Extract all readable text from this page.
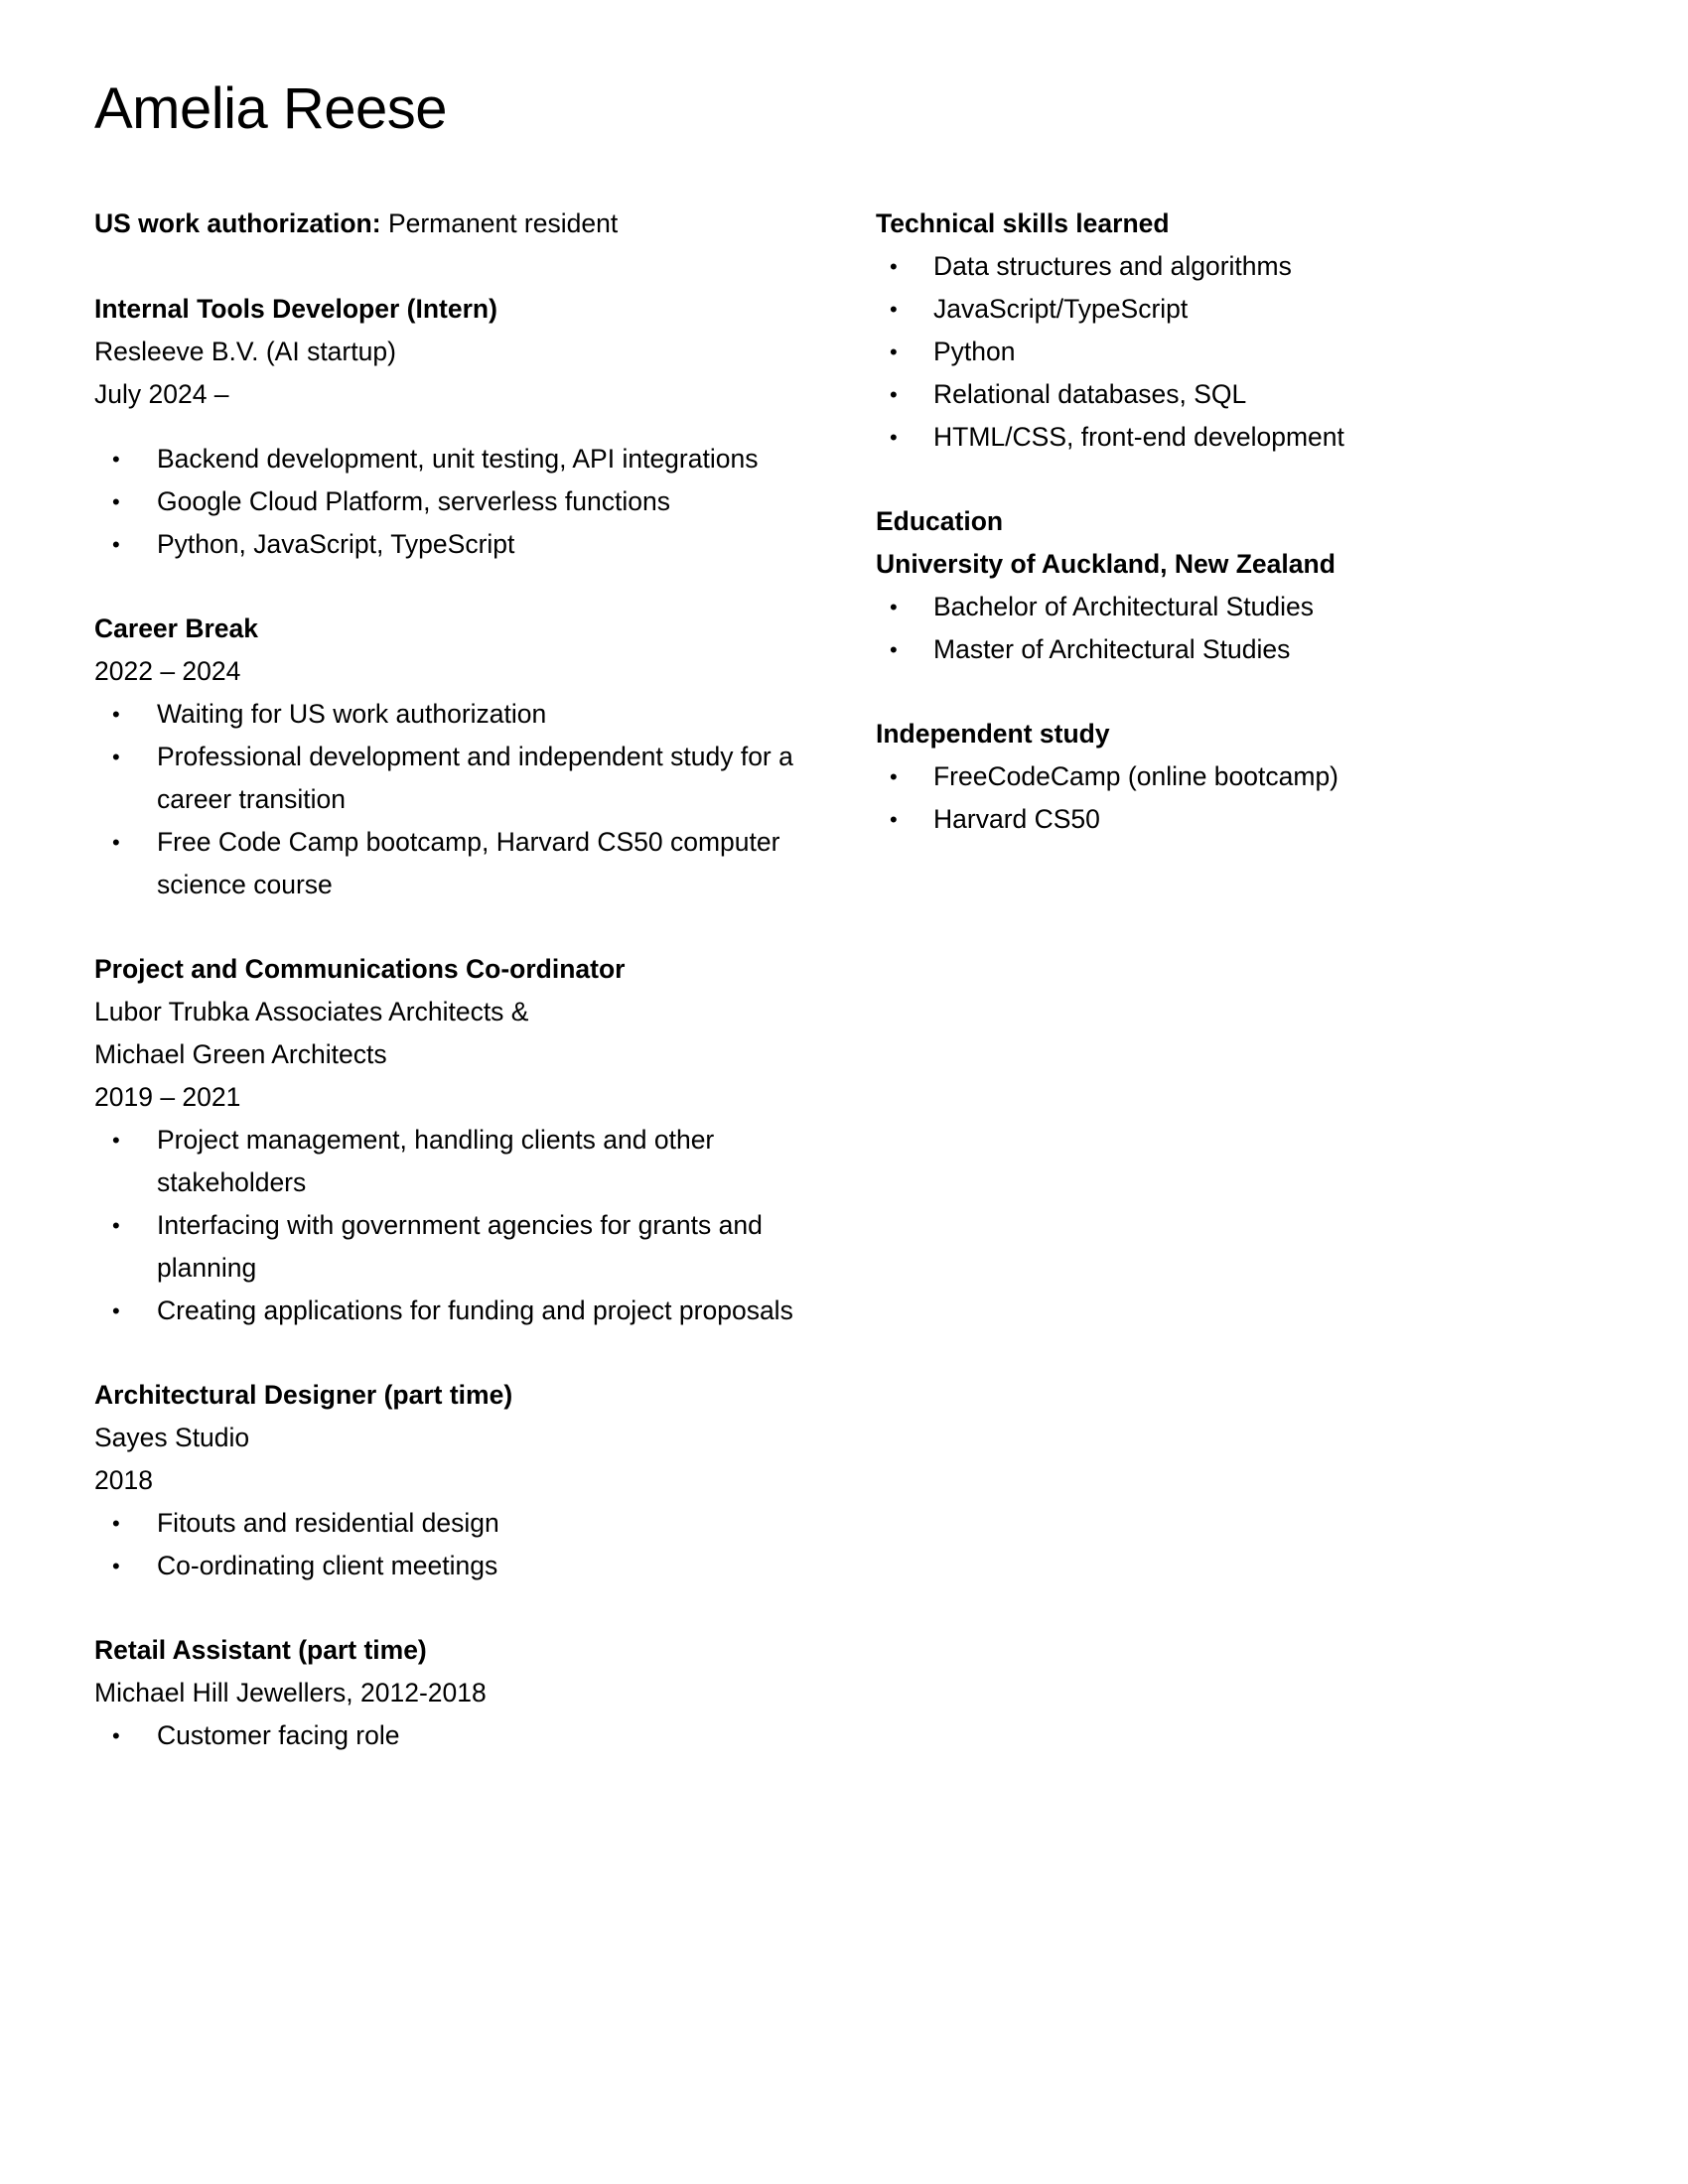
Amelia Reese
US work authorization: Permanent resident
Internal Tools Developer (Intern)
Resleeve B.V. (AI startup)
July 2024 –
• Backend development, unit testing, API integrations
• Google Cloud Platform, serverless functions
• Python, JavaScript, TypeScript
Career Break
2022 – 2024
• Waiting for US work authorization
• Professional development and independent study for a career transition
• Free Code Camp bootcamp, Harvard CS50 computer science course
Project and Communications Co-ordinator
Lubor Trubka Associates Architects &
Michael Green Architects
2019 – 2021
• Project management, handling clients and other stakeholders
• Interfacing with government agencies for grants and planning
• Creating applications for funding and project proposals
Architectural Designer (part time)
Sayes Studio
2018
• Fitouts and residential design
• Co-ordinating client meetings
Retail Assistant (part time)
Michael Hill Jewellers, 2012-2018
• Customer facing role
Technical skills learned
• Data structures and algorithms
• JavaScript/TypeScript
• Python
• Relational databases, SQL
• HTML/CSS, front-end development
Education
University of Auckland, New Zealand
• Bachelor of Architectural Studies
• Master of Architectural Studies
Independent study
• FreeCodeCamp (online bootcamp)
• Harvard CS50
